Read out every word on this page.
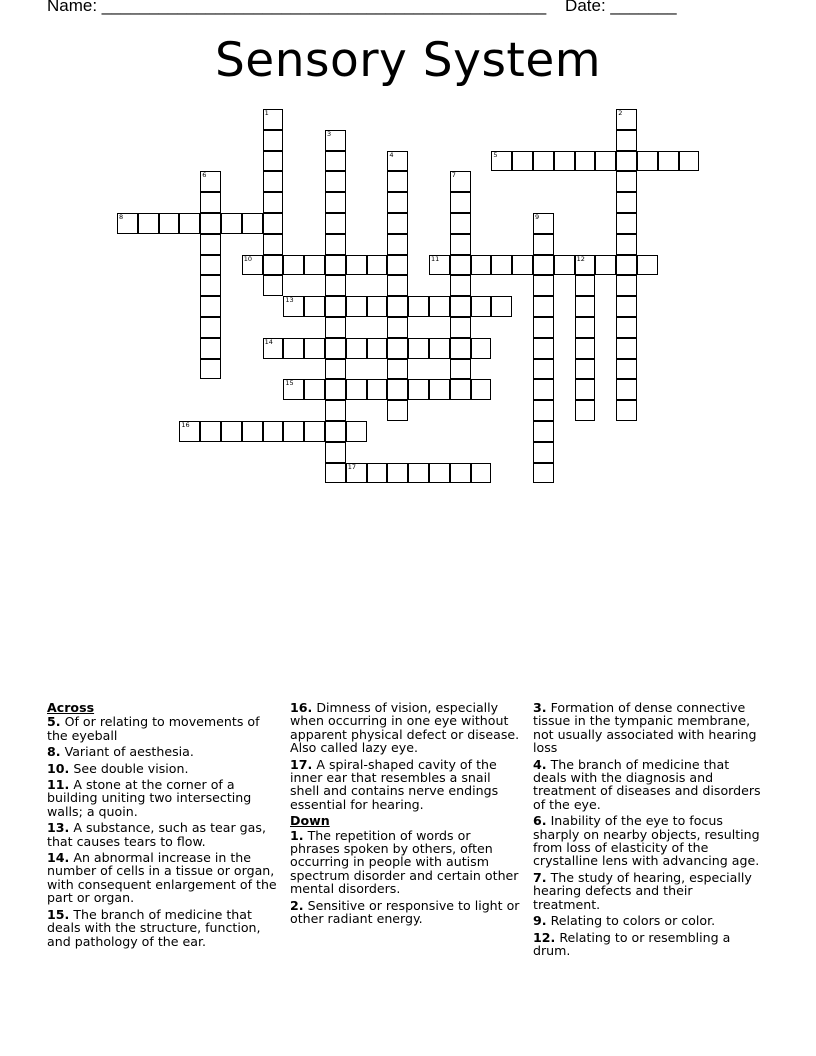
Name: _______________________________________________    Date: _______
Sensory System
1	2
3
4	5
6	7
8	9
10	11	12
13
14
15
16
17
Across
5. Of or relating to movements of the eyeball
8. Variant of aesthesia.
10. See double vision.
11. A stone at the corner of a building uniting two intersecting walls; a quoin.
13. A substance, such as tear gas, that causes tears to flow.
14. An abnormal increase in the number of cells in a tissue or organ, with consequent enlargement of the part or organ.
15. The branch of medicine that deals with the structure, function, and pathology of the ear.
16. Dimness of vision, especially when occurring in one eye without apparent physical defect or disease. Also called lazy eye.
17. A spiral-shaped cavity of the inner ear that resembles a snail shell and contains nerve endings essential for hearing.
Down
1. The repetition of words or phrases spoken by others, often occurring in people with autism spectrum disorder and certain other mental disorders.
2. Sensitive or responsive to light or other radiant energy.
3. Formation of dense connective tissue in the tympanic membrane, not usually associated with hearing loss
4. The branch of medicine that deals with the diagnosis and treatment of diseases and disorders of the eye.
6. Inability of the eye to focus sharply on nearby objects, resulting from loss of elasticity of the crystalline lens with advancing age.
7. The study of hearing, especially hearing defects and their treatment.
9. Relating to colors or color.
12. Relating to or resembling a drum.
